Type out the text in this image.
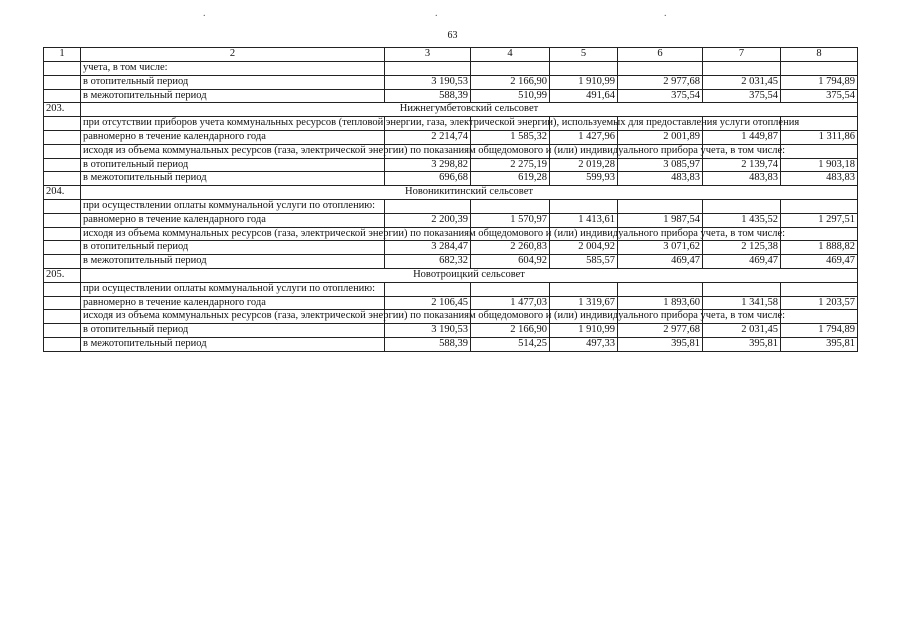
.	.	.
63
1	2	3	4	5	6	7	8
	учета, в том числе:						
	в отопительный период	3 190,53	2 166,90	1 910,99	2 977,68	2 031,45	1 794,89
	в межотопительный период	588,39	510,99	491,64	375,54	375,54	375,54
203.	Нижнегумбетовский сельсовет						
	при отсутствии приборов учета коммунальных ресурсов (тепловой энергии, газа, электрической энергии), используемых для предоставления услуги отопления						
	равномерно в течение календарного года	2 214,74	1 585,32	1 427,96	2 001,89	1 449,87	1 311,86
	исходя из объема коммунальных ресурсов (газа, электрической энергии) по показаниям общедомового и (или) индивидуального прибора учета, в том числе:						
	в отопительный период	3 298,82	2 275,19	2 019,28	3 085,97	2 139,74	1 903,18
	в межотопительный период	696,68	619,28	599,93	483,83	483,83	483,83
204.	Новоникитинский сельсовет						
	при осуществлении оплаты коммунальной услуги по отоплению:						
	равномерно в течение календарного года	2 200,39	1 570,97	1 413,61	1 987,54	1 435,52	1 297,51
	исходя из объема коммунальных ресурсов (газа, электрической энергии) по показаниям общедомового и (или) индивидуального прибора учета, в том числе:						
	в отопительный период	3 284,47	2 260,83	2 004,92	3 071,62	2 125,38	1 888,82
	в межотопительный период	682,32	604,92	585,57	469,47	469,47	469,47
205.	Новотроицкий сельсовет						
	при осуществлении оплаты коммунальной услуги по отоплению:						
	равномерно в течение календарного года	2 106,45	1 477,03	1 319,67	1 893,60	1 341,58	1 203,57
	исходя из объема коммунальных ресурсов (газа, электрической энергии) по показаниям общедомового и (или) индивидуального прибора учета, в том числе:						
	в отопительный период	3 190,53	2 166,90	1 910,99	2 977,68	2 031,45	1 794,89
	в межотопительный период	588,39	514,25	497,33	395,81	395,81	395,81
